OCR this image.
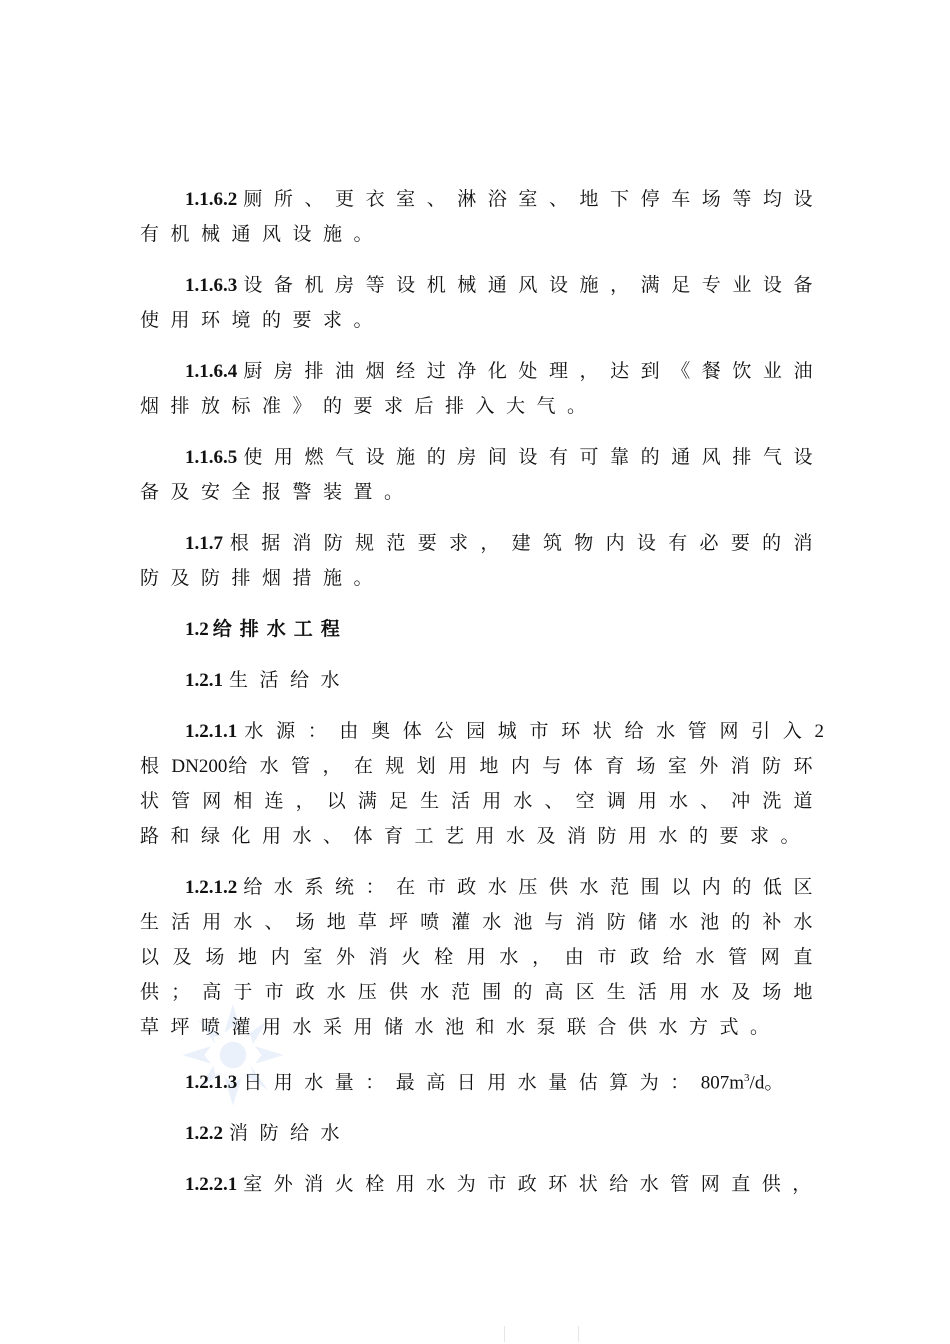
1.1.6.2 厕所、更衣室、淋浴室、地下停车场等均设有机械通风设施。

1.1.6.3 设备机房等设机械通风设施，满足专业设备使用环境的要求。

1.1.6.4 厨房排油烟经过净化处理，达到《餐饮业油烟排放标准》的要求后排入大气。

1.1.6.5 使用燃气设施的房间设有可靠的通风排气设备及安全报警装置。

1.1.7 根据消防规范要求，建筑物内设有必要的消防及防排烟措施。

1.2 给排水工程

1.2.1 生活给水

1.2.1.1 水源：由奥体公园城市环状给水管网引入2根DN200给水管，在规划用地内与体育场室外消防环状管网相连，以满足生活用水、空调用水、冲洗道路和绿化用水、体育工艺用水及消防用水的要求。

1.2.1.2 给水系统：在市政水压供水范围以内的低区生活用水、场地草坪喷灌水池与消防储水池的补水以及场地内室外消火栓用水，由市政给水管网直供；高于市政水压供水范围的高区生活用水及场地草坪喷灌用水采用储水池和水泵联合供水方式。

1.2.1.3 日用水量：最高日用水量估算为：$807m^3/d$。

1.2.2 消防给水

1.2.2.1 室外消火栓用水为市政环状给水管网直供，
